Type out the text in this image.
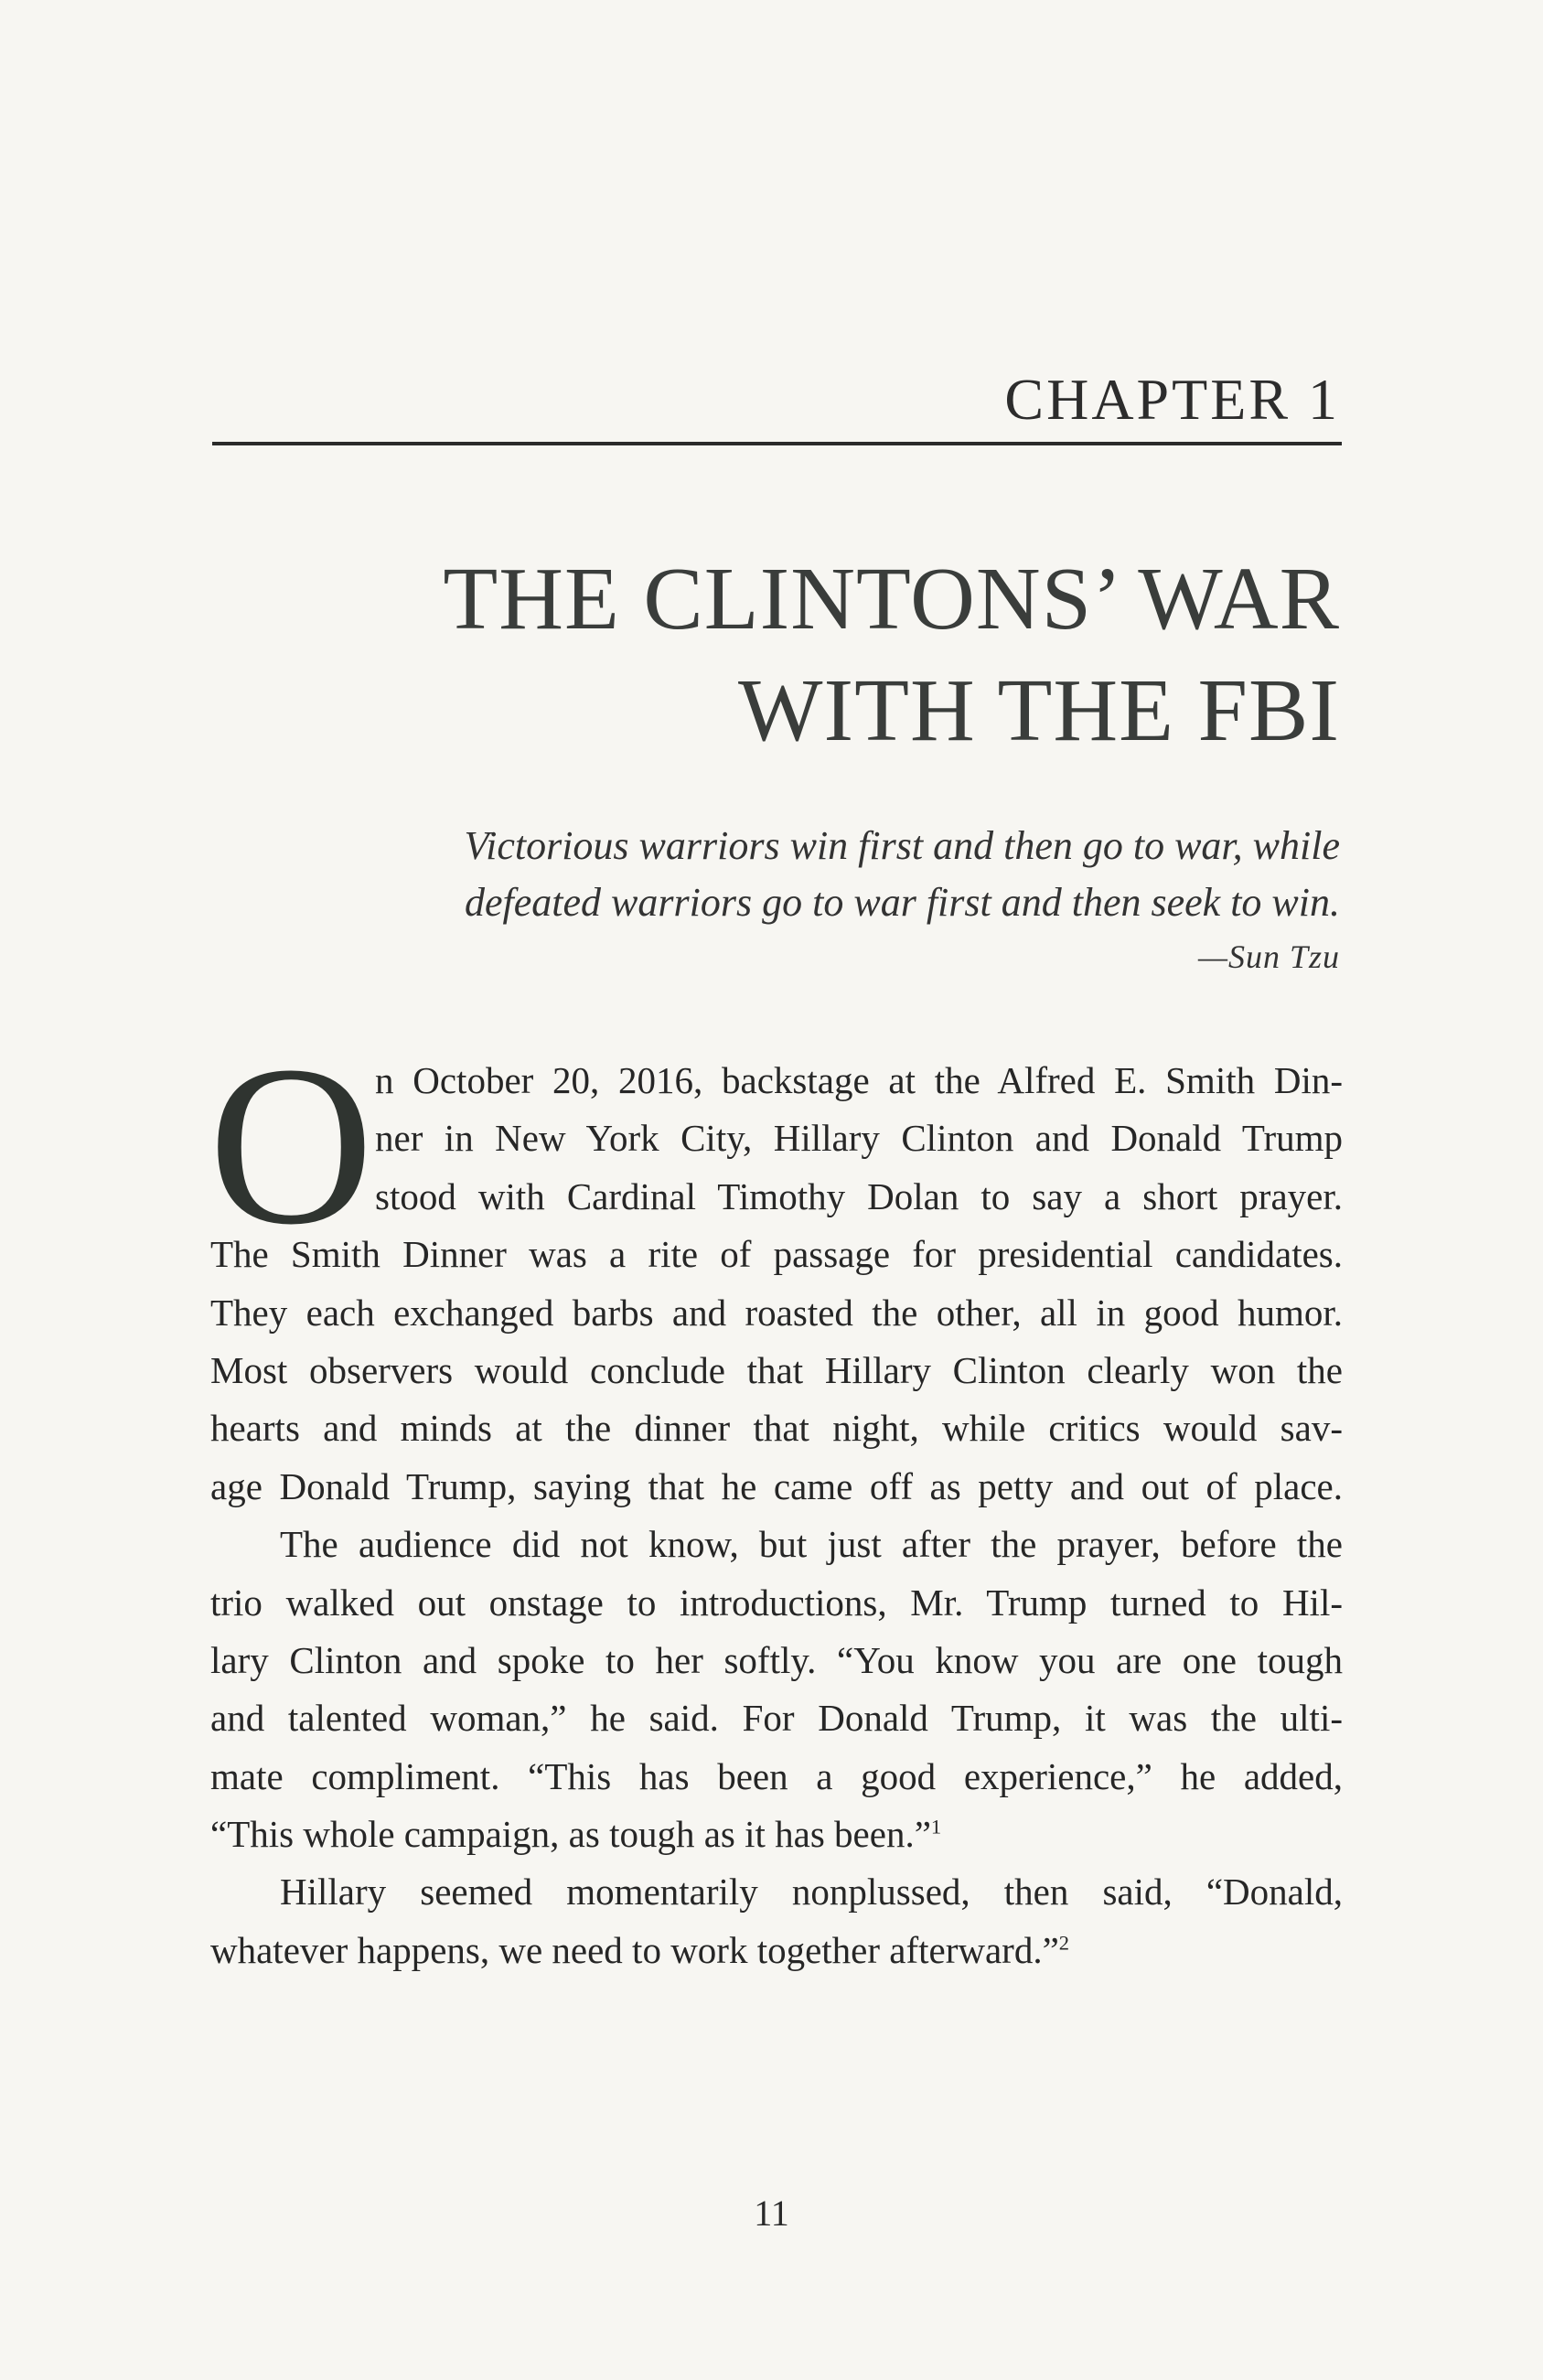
CHAPTER 1
THE CLINTONS’ WAR
WITH THE FBI
Victorious warriors win first and then go to war, while
defeated warriors go to war first and then seek to win.
—Sun Tzu
O n October 20, 2016, backstage at the Alfred E. Smith Din-
ner in New York City, Hillary Clinton and Donald Trump
stood with Cardinal Timothy Dolan to say a short prayer.
The Smith Dinner was a rite of passage for presidential candidates.
They each exchanged barbs and roasted the other, all in good humor.
Most observers would conclude that Hillary Clinton clearly won the
hearts and minds at the dinner that night, while critics would sav-
age Donald Trump, saying that he came off as petty and out of place.
The audience did not know, but just after the prayer, before the
trio walked out onstage to introductions, Mr. Trump turned to Hil-
lary Clinton and spoke to her softly. “You know you are one tough
and talented woman,” he said. For Donald Trump, it was the ulti-
mate compliment. “This has been a good experience,” he added,
“This whole campaign, as tough as it has been.”$^1$
Hillary seemed momentarily nonplussed, then said, “Donald,
whatever happens, we need to work together afterward.”$^2$
11
